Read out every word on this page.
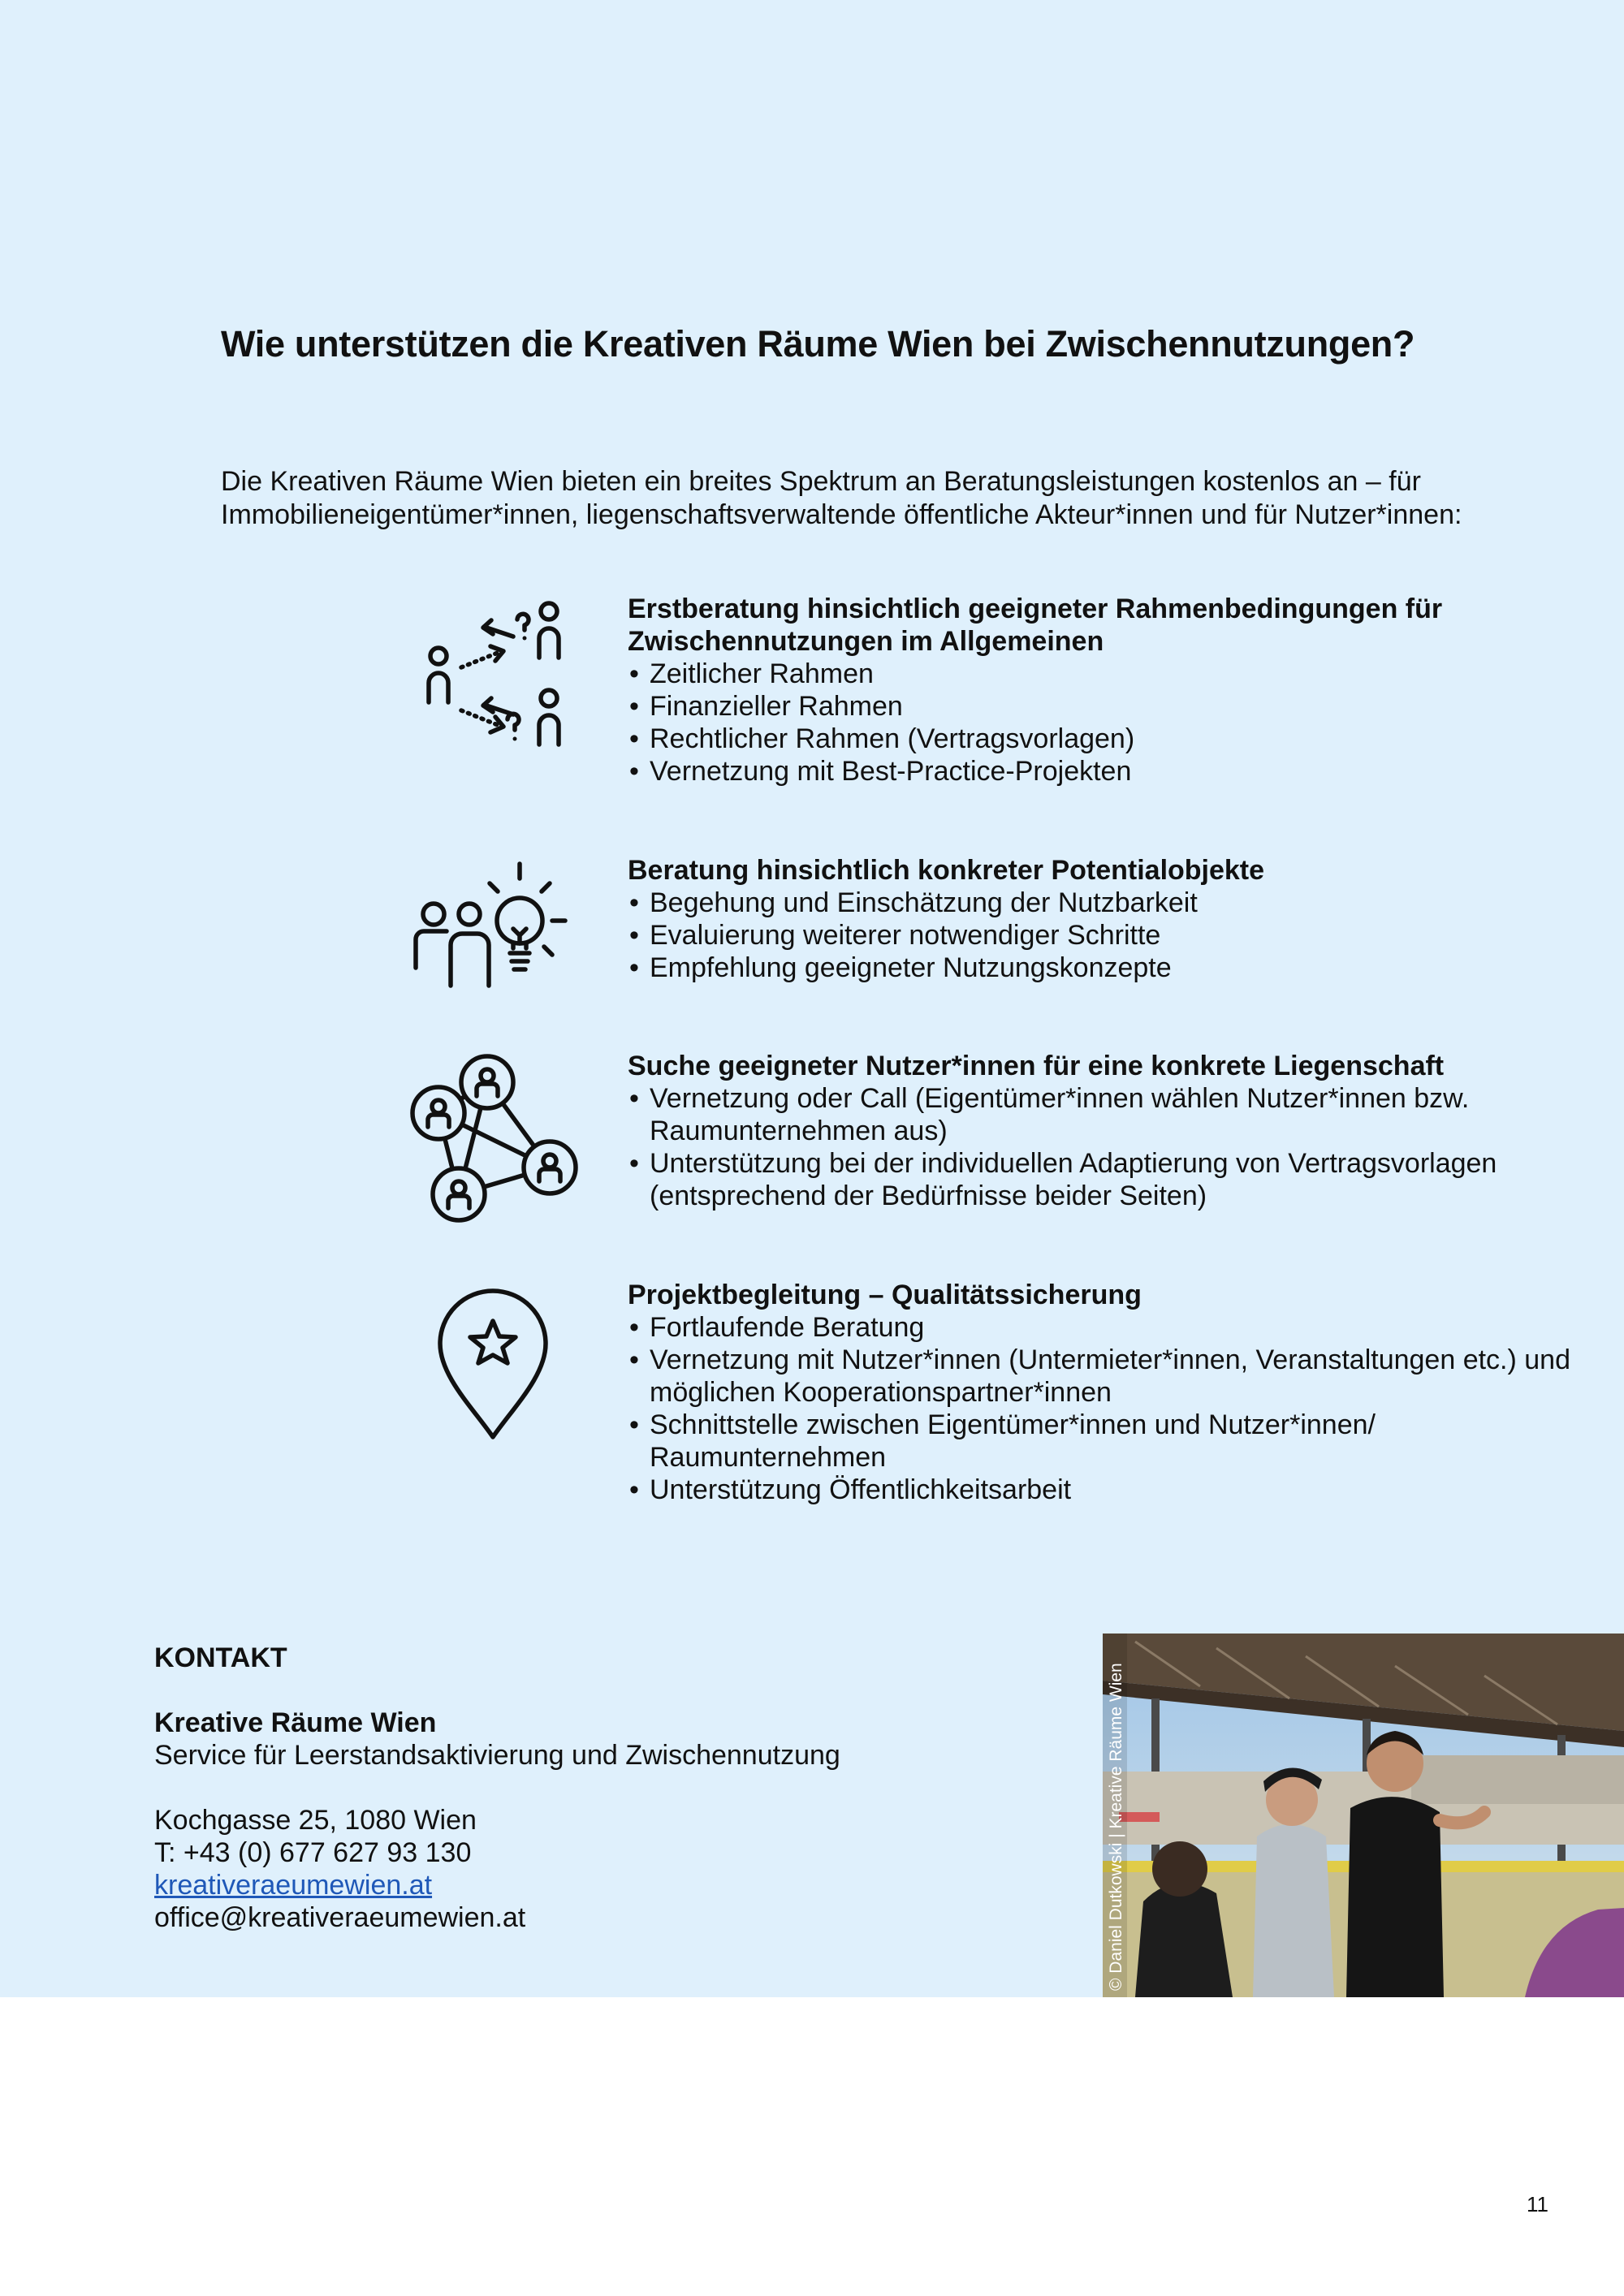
Wie unterstützen die Kreativen Räume Wien bei Zwischennutzungen?

Die Kreativen Räume Wien bieten ein breites Spektrum an Beratungsleistungen kostenlos an – für Immobilieneigentümer*innen, liegenschaftsverwaltende öffentliche Akteur*innen und für Nutzer*innen:

Erstberatung hinsichtlich geeigneter Rahmenbedingungen für Zwischennutzungen im Allgemeinen
• Zeitlicher Rahmen
• Finanzieller Rahmen
• Rechtlicher Rahmen (Vertragsvorlagen)
• Vernetzung mit Best-Practice-Projekten
Beratung hinsichtlich konkreter Potentialobjekte
• Begehung und Einschätzung der Nutzbarkeit
• Evaluierung weiterer notwendiger Schritte
• Empfehlung geeigneter Nutzungskonzepte
Suche geeigneter Nutzer*innen für eine konkrete Liegenschaft
• Vernetzung oder Call (Eigentümer*innen wählen Nutzer*innen bzw. Raumunternehmen aus)
• Unterstützung bei der individuellen Adaptierung von Vertragsvorlagen (entsprechend der Bedürfnisse beider Seiten)
Projektbegleitung – Qualitätssicherung
• Fortlaufende Beratung
• Vernetzung mit Nutzer*innen (Untermieter*innen, Veranstaltungen etc.) und möglichen Kooperationspartner*innen
• Schnittstelle zwischen Eigentümer*innen und Nutzer*innen/ Raumunternehmen
• Unterstützung Öffentlichkeitsarbeit
KONTAKT
Kreative Räume Wien
Service für Leerstandsaktivierung und Zwischennutzung
Kochgasse 25, 1080 Wien
T: +43 (0) 677 627 93 130
kreativeraeumewien.at
office@kreativeraeumewien.at	© Daniel Dutkowski | Kreative Räume Wien
11
